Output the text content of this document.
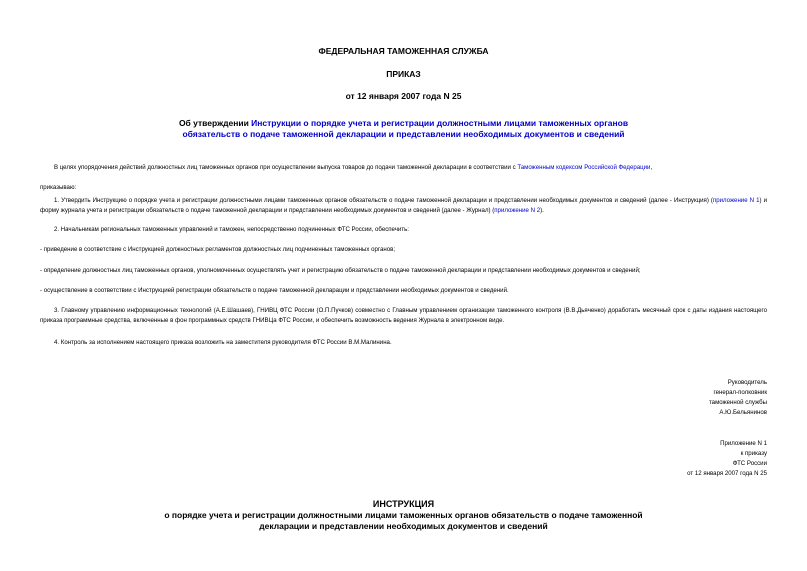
ФЕДЕРАЛЬНАЯ ТАМОЖЕННАЯ СЛУЖБА
ПРИКАЗ
от 12 января 2007 года N 25
Об утверждении Инструкции о порядке учета и регистрации должностными лицами таможенных органов
обязательств о подаче таможенной декларации и представлении необходимых документов и сведений
В целях упорядочения действий должностных лиц таможенных органов при осуществлении выпуска товаров до подачи таможенной декларации в соответствии с Таможенным кодексом Российской Федерации,
приказываю:
1. Утвердить Инструкцию о порядке учета и регистрации должностными лицами таможенных органов обязательств о подаче таможенной декларации и представлении необходимых документов и сведений (далее - Инструкция) (приложение N 1) и форму журнала учета и регистрации обязательств о подаче таможенной декларации и представлении необходимых документов и сведений (далее - Журнал) (приложение N 2).
2. Начальникам региональных таможенных управлений и таможен, непосредственно подчиненных ФТС России, обеспечить:
- приведение в соответствие с Инструкцией должностных регламентов должностных лиц подчиненных таможенных органов;
- определение должностных лиц таможенных органов, уполномоченных осуществлять учет и регистрацию обязательств о подаче таможенной декларации и представлении необходимых документов и сведений;
- осуществление в соответствии с Инструкцией регистрации обязательств о подаче таможенной декларации и представлении необходимых документов и сведений.
3. Главному управлению информационных технологий (А.Е.Шашаев), ГНИВЦ ФТС России (О.П.Пучков) совместно с Главным управлением организации таможенного контроля (В.В.Дьяченко) доработать месячный срок с даты издания настоящего приказа программные средства, включенные в фон программных средств ГНИВЦа ФТС России, и обеспечить возможность ведения Журнала в электронном виде.
4. Контроль за исполнением настоящего приказа возложить на заместителя руководителя ФТС России В.М.Малинина.
Руководитель
генерал-полковник
таможенной службы
А.Ю.Бельянинов
Приложение N 1
к приказу
ФТС России
от 12 января 2007 года N 25
ИНСТРУКЦИЯ
о порядке учета и регистрации должностными лицами таможенных органов обязательств о подаче таможенной
декларации и представлении необходимых документов и сведений
